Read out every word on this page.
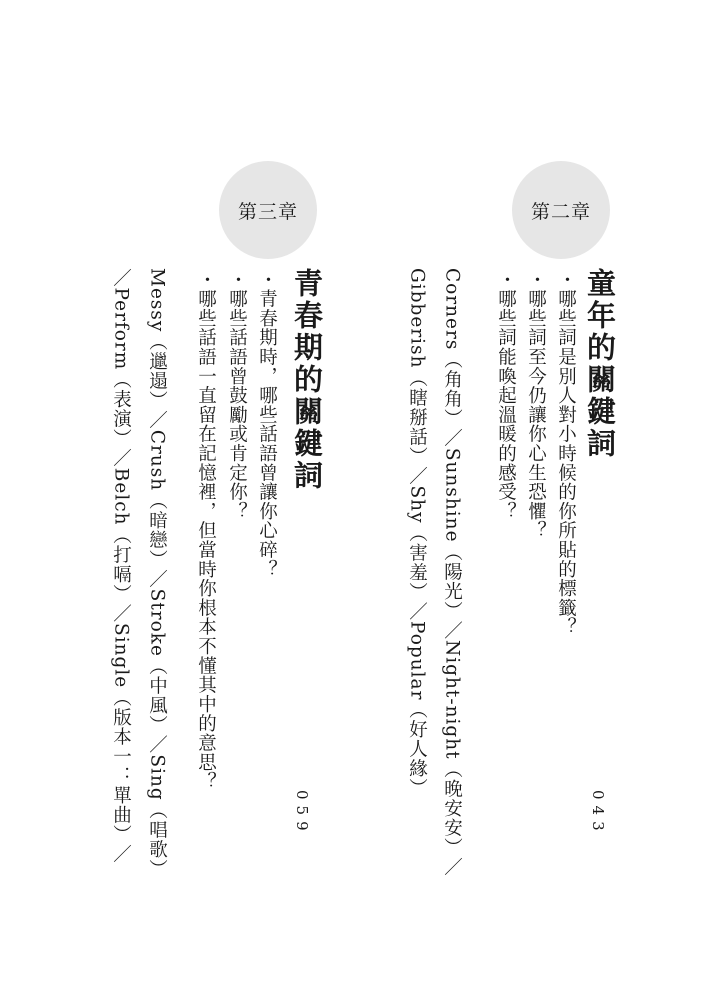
第二章
童年的關鍵詞
・哪些詞是別人對小時候的你所貼的標籤？
・哪些詞至今仍讓你心生恐懼？
・哪些詞能喚起溫暖的感受？
Corners（角角）／Sunshine（陽光）／Night-night（晚安安）／
Gibberish（瞎掰話）／Shy（害羞）／Popular（好人緣）
043
第三章
青春期的關鍵詞
・青春期時，哪些話語曾讓你心碎？
・哪些話語曾鼓勵或肯定你？
・哪些話語一直留在記憶裡，但當時你根本不懂其中的意思？
Messy（邋遢）／Crush（暗戀）／Stroke（中風）／Sing（唱歌）
／Perform（表演）／Belch（打嗝）／Single（版本一：單曲）／	059
